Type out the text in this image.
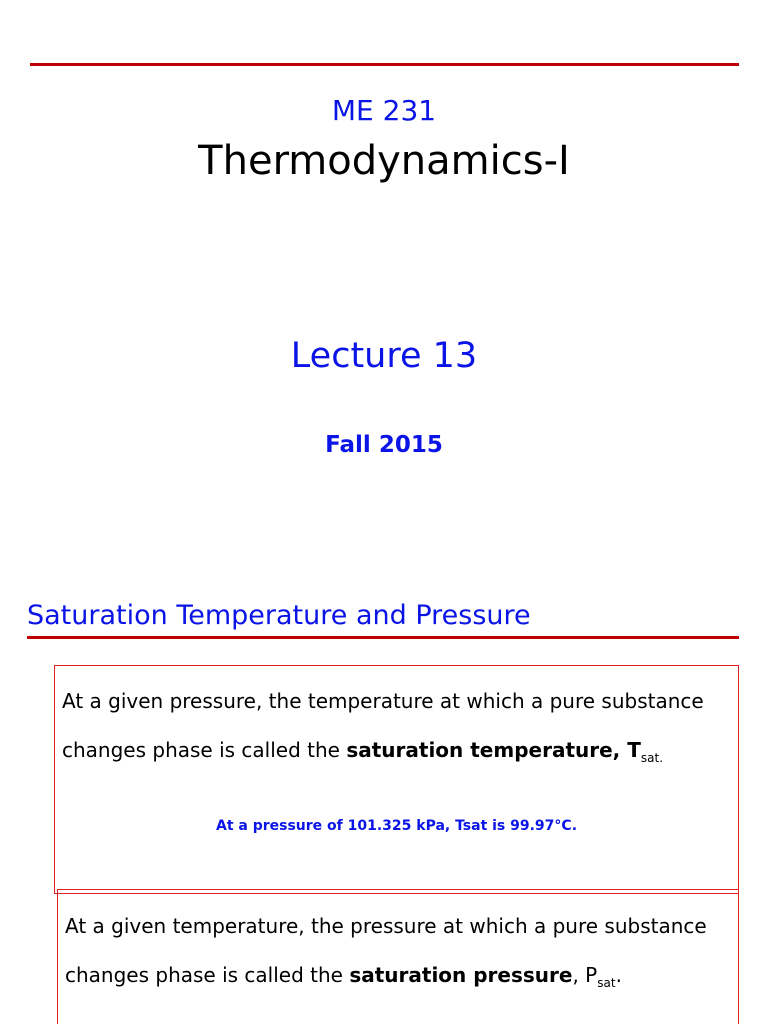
ME 231
Thermodynamics-I
Lecture 13
Fall 2015
Saturation Temperature and Pressure

At a given pressure, the temperature at which a pure substance

changes phase is called the saturation temperature, $T_{sat.}$

At a pressure of 101.325 kPa, Tsat is 99.97°C.

At a given temperature, the pressure at which a pure substance

changes phase is called the saturation pressure, $P_{sat}$.
